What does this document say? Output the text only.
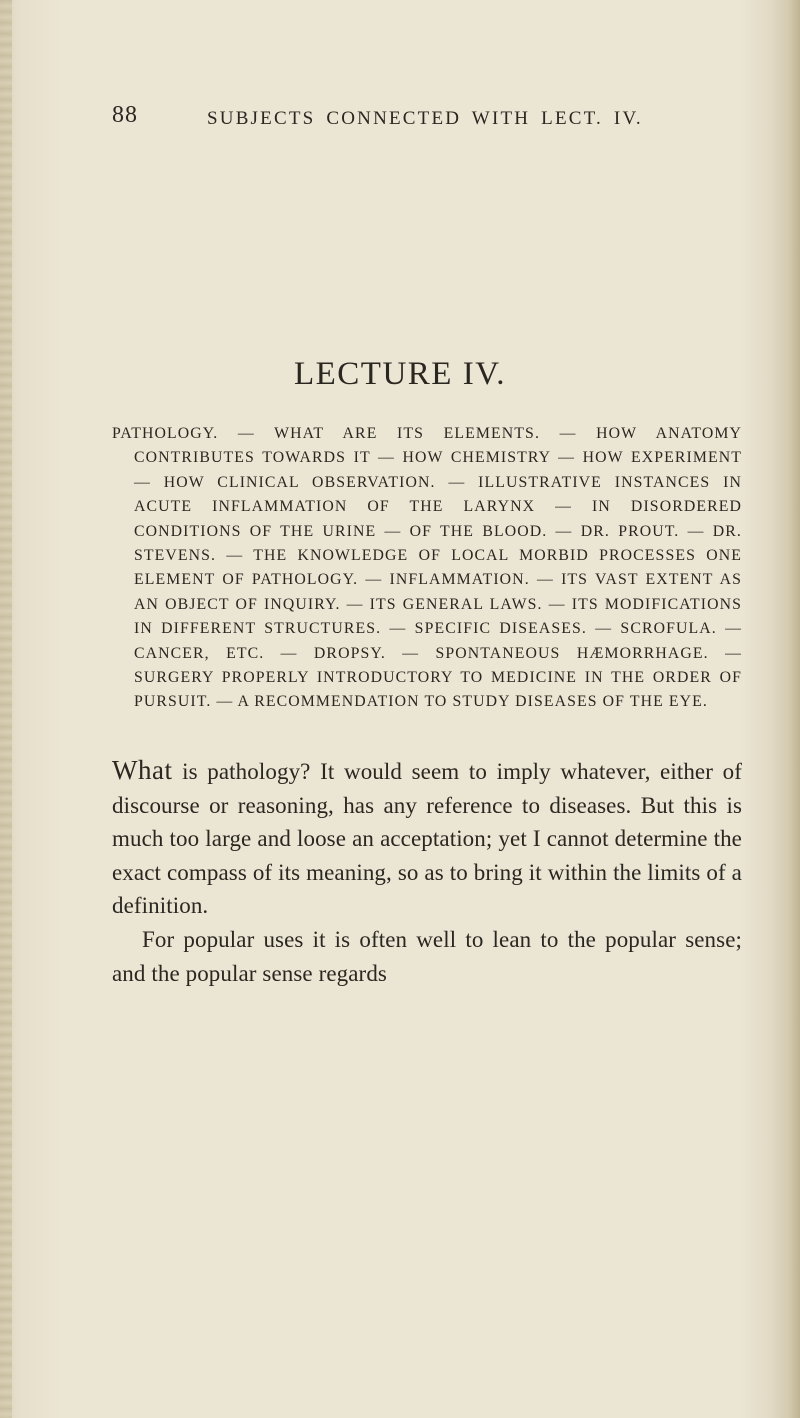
88	SUBJECTS CONNECTED WITH LECT. IV.
LECTURE IV.
PATHOLOGY. — WHAT ARE ITS ELEMENTS. — HOW ANATOMY CONTRIBUTES TOWARDS IT — HOW CHEMISTRY — HOW EXPERIMENT — HOW CLINICAL OBSERVATION. — ILLUSTRATIVE INSTANCES IN ACUTE INFLAMMATION OF THE LARYNX — IN DISORDERED CONDITIONS OF THE URINE — OF THE BLOOD. — DR. PROUT. — DR. STEVENS. — THE KNOWLEDGE OF LOCAL MORBID PROCESSES ONE ELEMENT OF PATHOLOGY. — INFLAMMATION. — ITS VAST EXTENT AS AN OBJECT OF INQUIRY. — ITS GENERAL LAWS. — ITS MODIFICATIONS IN DIFFERENT STRUCTURES. — SPECIFIC DISEASES. — SCROFULA. — CANCER, ETC. — DROPSY. — SPONTANEOUS HÆMORRHAGE. — SURGERY PROPERLY INTRODUCTORY TO MEDICINE IN THE ORDER OF PURSUIT. — A RECOMMENDATION TO STUDY DISEASES OF THE EYE.

What is pathology? It would seem to imply whatever, either of discourse or reasoning, has any reference to diseases. But this is much too large and loose an acceptation; yet I cannot determine the exact compass of its meaning, so as to bring it within the limits of a definition.

For popular uses it is often well to lean to the popular sense; and the popular sense regards
